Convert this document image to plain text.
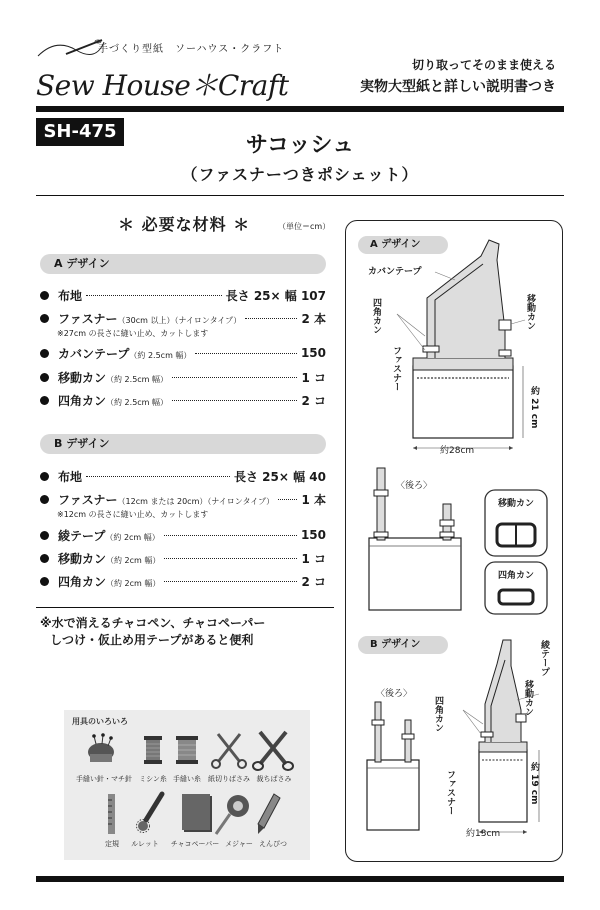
手づくり型紙　ソーハウス・クラフト
Sew House＊Craft
切り取ってそのまま使える
実物大型紙と詳しい説明書つき
SH-475
サコッシュ
（ファスナーつきポシェット）
＊ 必要な材料 ＊	（単位＝cm）
A デザイン
布地	長さ 25× 幅 107
ファスナー（30cm 以上）（ナイロンタイプ）	2 本
※27cm の長さに縫い止め、カットします
カバンテープ（約 2.5cm 幅）	150
移動カン（約 2.5cm 幅）	1 コ
四角カン（約 2.5cm 幅）	2 コ
B デザイン
布地	長さ 25× 幅 40
ファスナー（12cm または 20cm）（ナイロンタイプ） 1 本
※12cm の長さに縫い止め、カットします
綾テープ（約 2cm 幅）	150
移動カン（約 2cm 幅）	1 コ
四角カン（約 2cm 幅）	2 コ
※水で消えるチャコペン、チャコペーパー
しつけ・仮止め用テープがあると便利
用具のいろいろ
手縫い針・マチ針	ミシン糸 手縫い糸	紙切りばさみ 裁ちばさみ
定規	ルレット	チャコペーパー メジャー えんぴつ
A デザイン
カバンテープ
移動カン
四角カン
ファスナー
約 21 cm
約28cm
〈後ろ〉
移動カン
四角カン
B デザイン	綾テープ
移動カン
四角カン
〈後ろ〉
ファスナー	約 19 cm
約13cm
